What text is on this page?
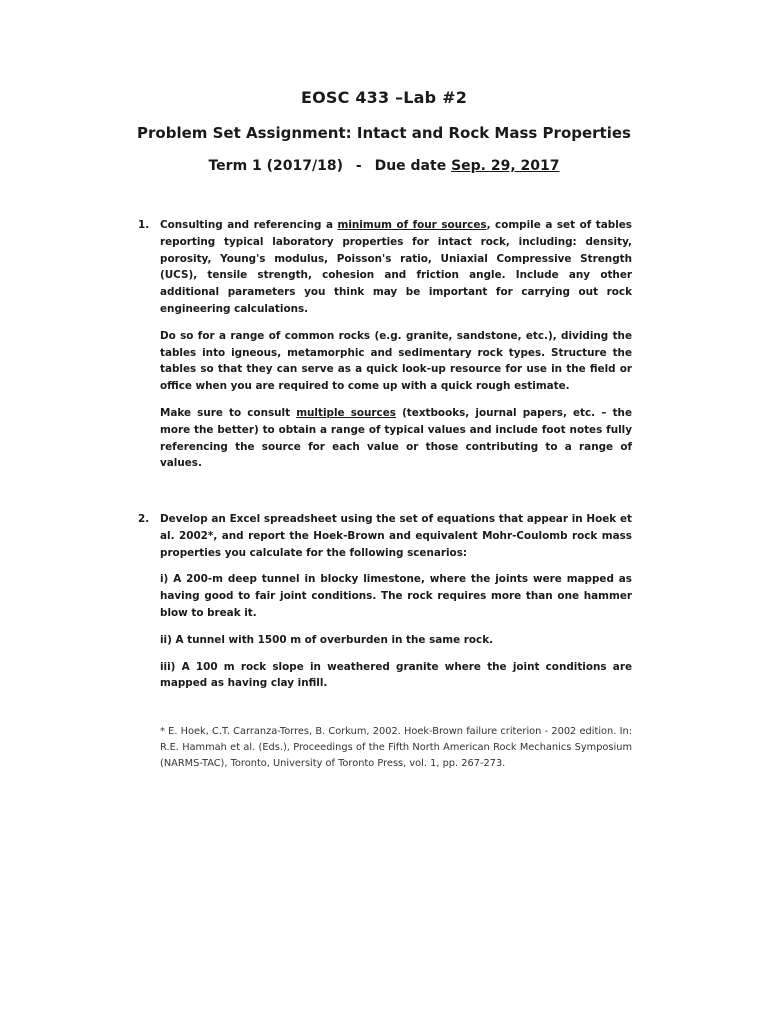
EOSC 433 –Lab #2
Problem Set Assignment: Intact and Rock Mass Properties
Term 1 (2017/18) - Due date Sep. 29, 2017
1. Consulting and referencing a minimum of four sources, compile a set of tables reporting typical laboratory properties for intact rock, including: density, porosity, Young's modulus, Poisson's ratio, Uniaxial Compressive Strength (UCS), tensile strength, cohesion and friction angle. Include any other additional parameters you think may be important for carrying out rock engineering calculations.

Do so for a range of common rocks (e.g. granite, sandstone, etc.), dividing the tables into igneous, metamorphic and sedimentary rock types. Structure the tables so that they can serve as a quick look-up resource for use in the field or office when you are required to come up with a quick rough estimate.

Make sure to consult multiple sources (textbooks, journal papers, etc. – the more the better) to obtain a range of typical values and include foot notes fully referencing the source for each value or those contributing to a range of values.

2. Develop an Excel spreadsheet using the set of equations that appear in Hoek et al. 2002*, and report the Hoek-Brown and equivalent Mohr-Coulomb rock mass properties you calculate for the following scenarios:

i) A 200-m deep tunnel in blocky limestone, where the joints were mapped as having good to fair joint conditions. The rock requires more than one hammer blow to break it.

ii) A tunnel with 1500 m of overburden in the same rock.

iii) A 100 m rock slope in weathered granite where the joint conditions are mapped as having clay infill.

* E. Hoek, C.T. Carranza-Torres, B. Corkum, 2002. Hoek-Brown failure criterion - 2002 edition. In: R.E. Hammah et al. (Eds.), Proceedings of the Fifth North American Rock Mechanics Symposium (NARMS-TAC), Toronto, University of Toronto Press, vol. 1, pp. 267-273.
